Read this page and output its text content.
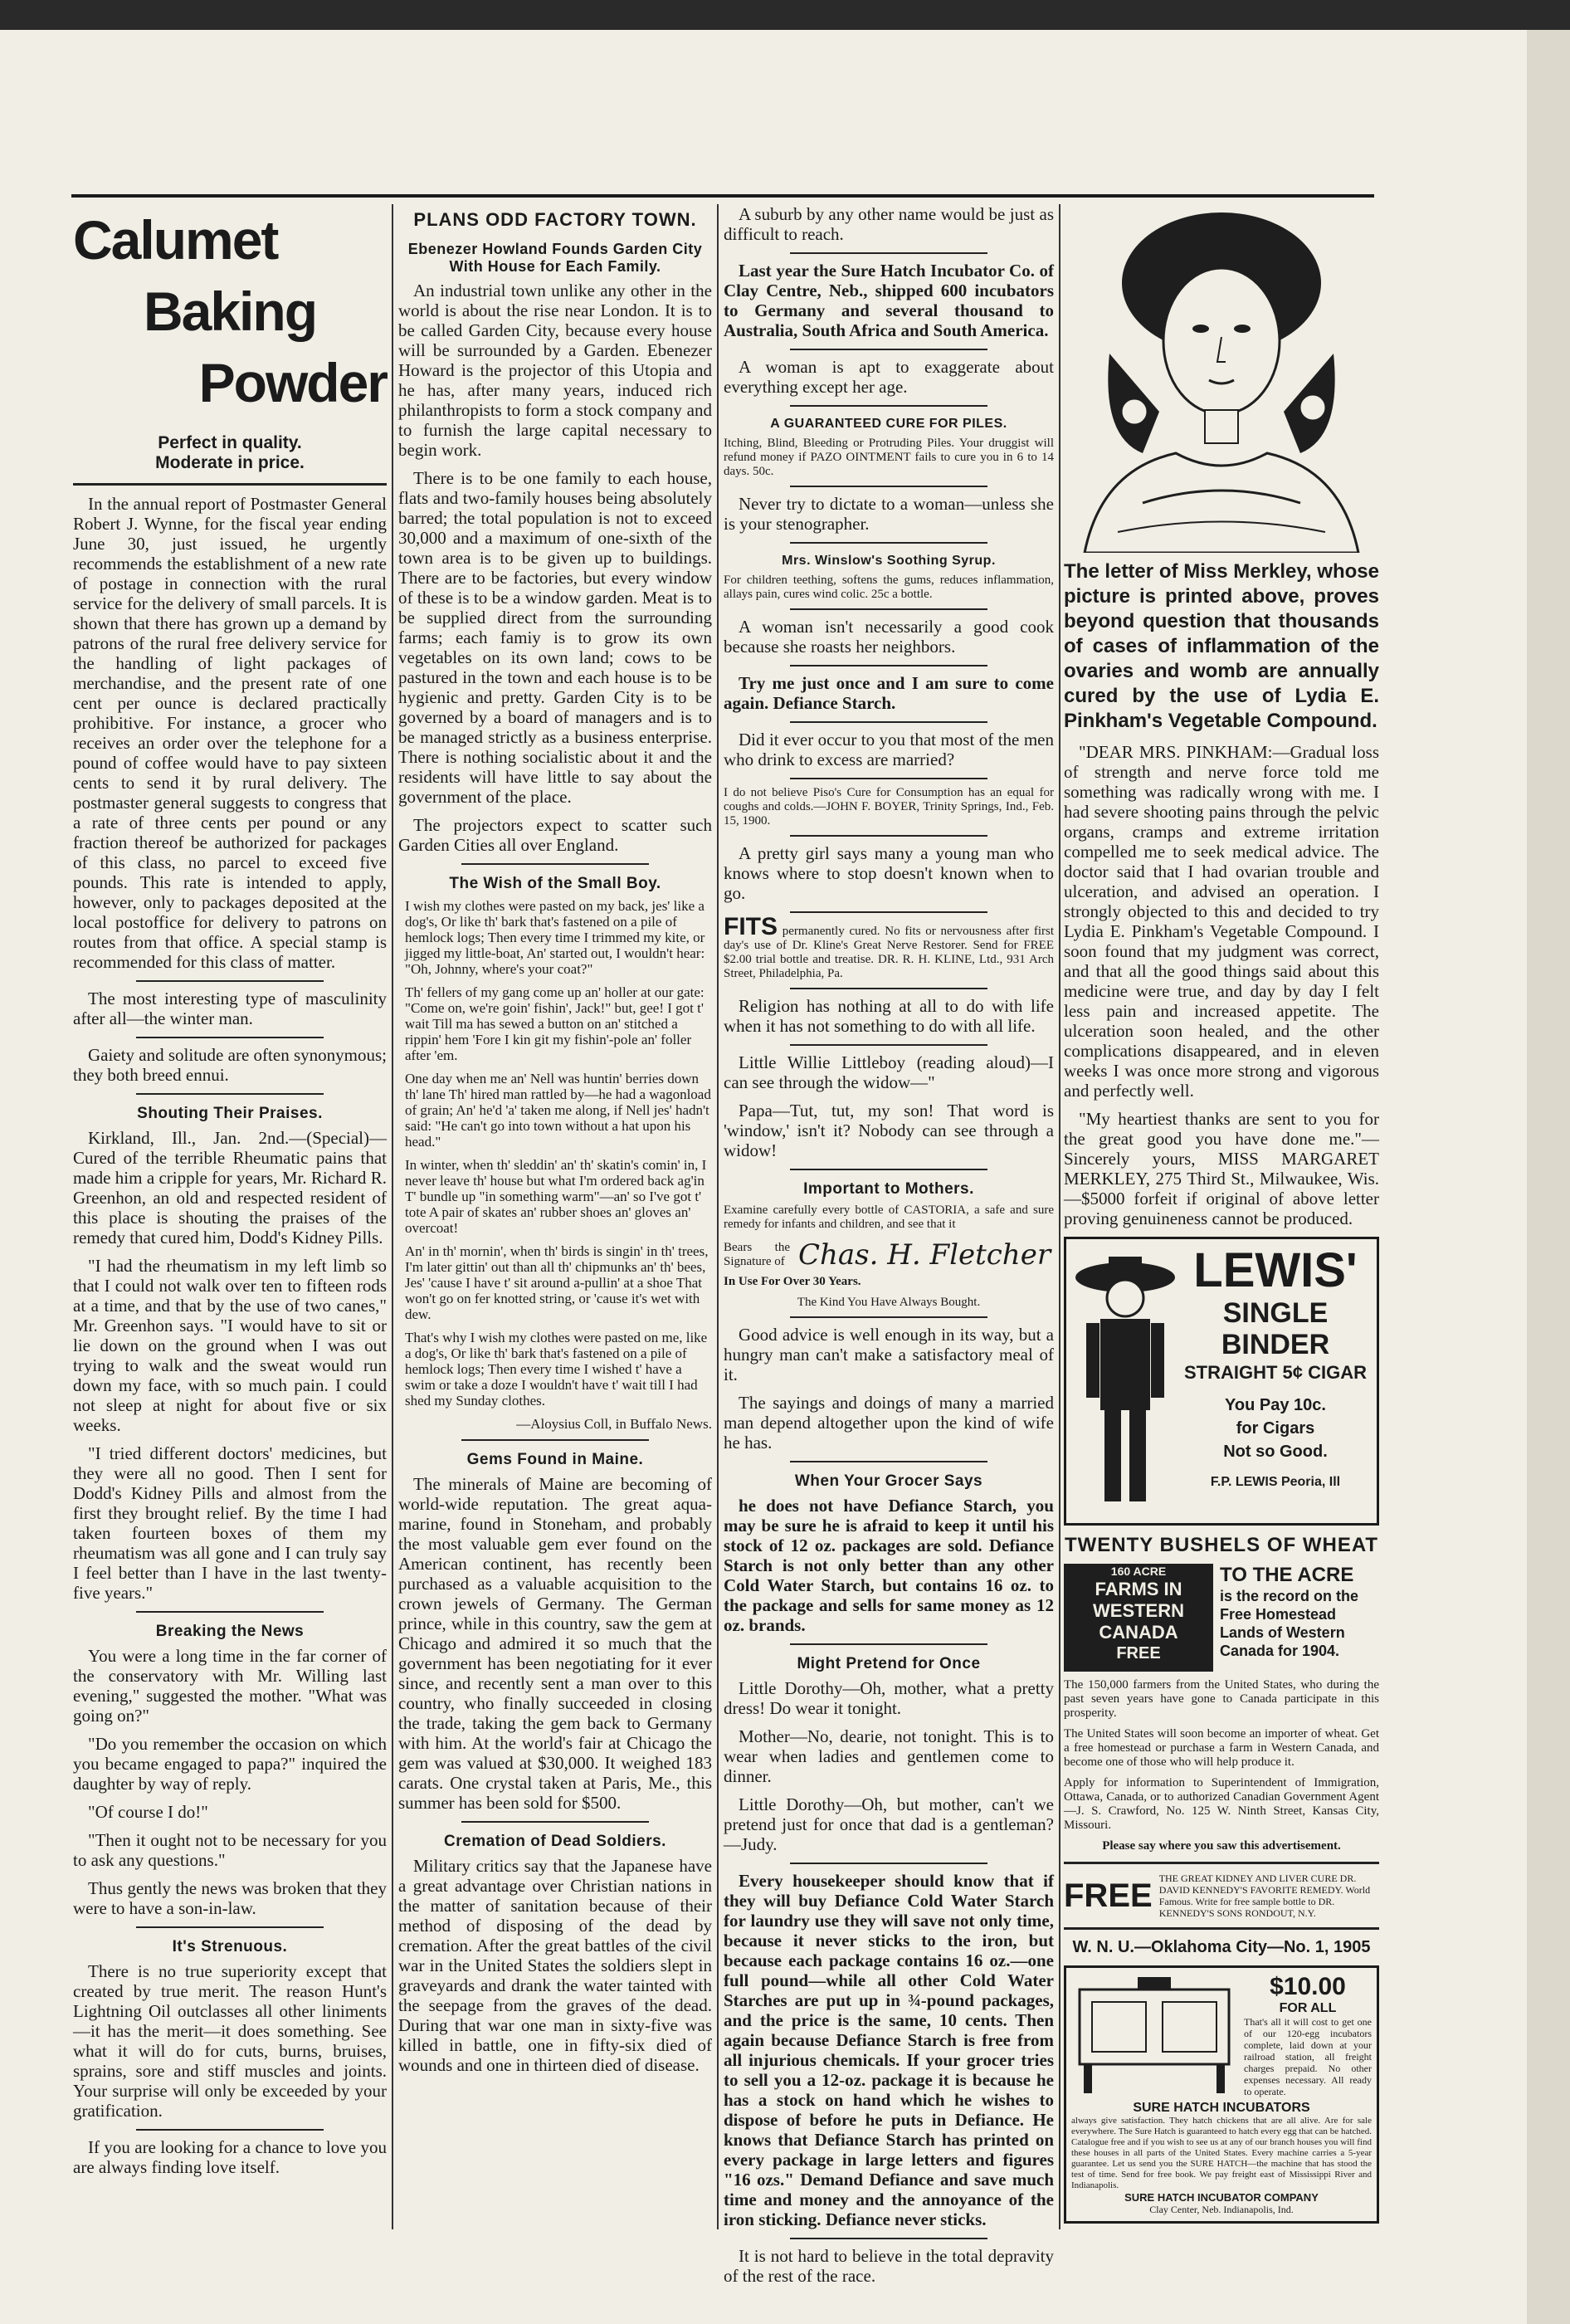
Calumet
Baking
Powder
Perfect in quality.
Moderate in price.

In the annual report of Postmaster General Robert J. Wynne, for the fiscal year ending June 30, just issued, he urgently recommends the establishment of a new rate of postage in connection with the rural service for the delivery of small parcels. It is shown that there has grown up a demand by patrons of the rural free delivery service for the handling of light packages of merchandise, and the present rate of one cent per ounce is declared practically prohibitive. For instance, a grocer who receives an order over the telephone for a pound of coffee would have to pay sixteen cents to send it by rural delivery. The postmaster general suggests to congress that a rate of three cents per pound or any fraction thereof be authorized for packages of this class, no parcel to exceed five pounds. This rate is intended to apply, however, only to packages deposited at the local postoffice for delivery to patrons on routes from that office. A special stamp is recommended for this class of matter.

The most interesting type of masculinity after all—the winter man.

Gaiety and solitude are often synonymous; they both breed ennui.

Shouting Their Praises.

Kirkland, Ill., Jan. 2nd.—(Special)—Cured of the terrible Rheumatic pains that made him a cripple for years, Mr. Richard R. Greenhon, an old and respected resident of this place is shouting the praises of the remedy that cured him, Dodd's Kidney Pills.

"I had the rheumatism in my left limb so that I could not walk over ten to fifteen rods at a time, and that by the use of two canes," Mr. Greenhon says. "I would have to sit or lie down on the ground when I was out trying to walk and the sweat would run down my face, with so much pain. I could not sleep at night for about five or six weeks.

"I tried different doctors' medicines, but they were all no good. Then I sent for Dodd's Kidney Pills and almost from the first they brought relief. By the time I had taken fourteen boxes of them my rheumatism was all gone and I can truly say I feel better than I have in the last twenty-five years."

Breaking the News

You were a long time in the far corner of the conservatory with Mr. Willing last evening," suggested the mother. "What was going on?"

"Do you remember the occasion on which you became engaged to papa?" inquired the daughter by way of reply.

"Of course I do!"

"Then it ought not to be necessary for you to ask any questions."

Thus gently the news was broken that they were to have a son-in-law.

It's Strenuous.

There is no true superiority except that created by true merit. The reason Hunt's Lightning Oil outclasses all other liniments—it has the merit—it does something. See what it will do for cuts, burns, bruises, sprains, sore and stiff muscles and joints. Your surprise will only be exceeded by your gratification.

If you are looking for a chance to love you are always finding love itself.

PLANS ODD FACTORY TOWN.
Ebenezer Howland Founds Garden City With House for Each Family.

An industrial town unlike any other in the world is about the rise near London. It is to be called Garden City, because every house will be surrounded by a Garden. Ebenezer Howard is the projector of this Utopia and he has, after many years, induced rich philanthropists to form a stock company and to furnish the large capital necessary to begin work.

There is to be one family to each house, flats and two-family houses being absolutely barred; the total population is not to exceed 30,000 and a maximum of one-sixth of the town area is to be given up to buildings. There are to be factories, but every window of these is to be a window garden. Meat is to be supplied direct from the surrounding farms; each famiy is to grow its own vegetables on its own land; cows to be pastured in the town and each house is to be hygienic and pretty. Garden City is to be governed by a board of managers and is to be managed strictly as a business enterprise. There is nothing socialistic about it and the residents will have little to say about the government of the place.

The projectors expect to scatter such Garden Cities all over England.

The Wish of the Small Boy.

I wish my clothes were pasted on my back, jes' like a dog's, Or like th' bark that's fastened on a pile of hemlock logs; Then every time I trimmed my kite, or jigged my little-boat, An' started out, I wouldn't hear: "Oh, Johnny, where's your coat?"

Th' fellers of my gang come up an' holler at our gate: "Come on, we're goin' fishin', Jack!" but, gee! I got t' wait Till ma has sewed a button on an' stitched a rippin' hem 'Fore I kin git my fishin'-pole an' foller after 'em.

One day when me an' Nell was huntin' berries down th' lane Th' hired man rattled by—he had a wagonload of grain; An' he'd 'a' taken me along, if Nell jes' hadn't said: "He can't go into town without a hat upon his head."

In winter, when th' sleddin' an' th' skatin's comin' in, I never leave th' house but what I'm ordered back ag'in T' bundle up "in something warm"—an' so I've got t' tote A pair of skates an' rubber shoes an' gloves an' overcoat!

An' in th' mornin', when th' birds is singin' in th' trees, I'm later gittin' out than all th' chipmunks an' th' bees, Jes' 'cause I have t' sit around a-pullin' at a shoe That won't go on fer knotted string, or 'cause it's wet with dew.

That's why I wish my clothes were pasted on me, like a dog's, Or like th' bark that's fastened on a pile of hemlock logs; Then every time I wished t' have a swim or take a doze I wouldn't have t' wait till I had shed my Sunday clothes.

—Aloysius Coll, in Buffalo News.

Gems Found in Maine.

The minerals of Maine are becoming of world-wide reputation. The great aqua-marine, found in Stoneham, and probably the most valuable gem ever found on the American continent, has recently been purchased as a valuable acquisition to the crown jewels of Germany. The German prince, while in this country, saw the gem at Chicago and admired it so much that the government has been negotiating for it ever since, and recently sent a man over to this country, who finally succeeded in closing the trade, taking the gem back to Germany with him. At the world's fair at Chicago the gem was valued at $30,000. It weighed 183 carats. One crystal taken at Paris, Me., this summer has been sold for $500.

Cremation of Dead Soldiers.

Military critics say that the Japanese have a great advantage over Christian nations in the matter of sanitation because of their method of disposing of the dead by cremation. After the great battles of the civil war in the United States the soldiers slept in graveyards and drank the water tainted with the seepage from the graves of the dead. During that war one man in sixty-five was killed in battle, one in fifty-six died of wounds and one in thirteen died of disease.

A suburb by any other name would be just as difficult to reach.

Last year the Sure Hatch Incubator Co. of Clay Centre, Neb., shipped 600 incubators to Germany and several thousand to Australia, South Africa and South America.

A woman is apt to exaggerate about everything except her age.

A GUARANTEED CURE FOR PILES.

Itching, Blind, Bleeding or Protruding Piles. Your druggist will refund money if PAZO OINTMENT fails to cure you in 6 to 14 days. 50c.

Never try to dictate to a woman—unless she is your stenographer.

Mrs. Winslow's Soothing Syrup.

For children teething, softens the gums, reduces inflammation, allays pain, cures wind colic. 25c a bottle.

A woman isn't necessarily a good cook because she roasts her neighbors.

Try me just once and I am sure to come again. Defiance Starch.

Did it ever occur to you that most of the men who drink to excess are married?

I do not believe Piso's Cure for Consumption has an equal for coughs and colds.—JOHN F. BOYER, Trinity Springs, Ind., Feb. 15, 1900.

A pretty girl says many a young man who knows where to stop doesn't known when to go.

FITS permanently cured. No fits or nervousness after first day's use of Dr. Kline's Great Nerve Restorer. Send for FREE $2.00 trial bottle and treatise. DR. R. H. KLINE, Ltd., 931 Arch Street, Philadelphia, Pa.

Religion has nothing at all to do with life when it has not something to do with all life.

Little Willie Littleboy (reading aloud)—I can see through the widow—"

Papa—Tut, tut, my son! That word is 'window,' isn't it? Nobody can see through a widow!

Important to Mothers.

Examine carefully every bottle of CASTORIA, a safe and sure remedy for infants and children, and see that it

Bears the Signature of Chas. H. Fletcher

In Use For Over 30 Years.

The Kind You Have Always Bought.

Good advice is well enough in its way, but a hungry man can't make a satisfactory meal of it.

The sayings and doings of many a married man depend altogether upon the kind of wife he has.

When Your Grocer Says

he does not have Defiance Starch, you may be sure he is afraid to keep it until his stock of 12 oz. packages are sold. Defiance Starch is not only better than any other Cold Water Starch, but contains 16 oz. to the package and sells for same money as 12 oz. brands.

Might Pretend for Once

Little Dorothy—Oh, mother, what a pretty dress! Do wear it tonight.

Mother—No, dearie, not tonight. This is to wear when ladies and gentlemen come to dinner.

Little Dorothy—Oh, but mother, can't we pretend just for once that dad is a gentleman?—Judy.

Every housekeeper should know that if they will buy Defiance Cold Water Starch for laundry use they will save not only time, because it never sticks to the iron, but because each package contains 16 oz.—one full pound—while all other Cold Water Starches are put up in ¾-pound packages, and the price is the same, 10 cents. Then again because Defiance Starch is free from all injurious chemicals. If your grocer tries to sell you a 12-oz. package it is because he has a stock on hand which he wishes to dispose of before he puts in Defiance. He knows that Defiance Starch has printed on every package in large letters and figures "16 ozs." Demand Defiance and save much time and money and the annoyance of the iron sticking. Defiance never sticks.

It is not hard to believe in the total depravity of the rest of the race.

The letter of Miss Merkley, whose picture is printed above, proves beyond question that thousands of cases of inflammation of the ovaries and womb are annually cured by the use of Lydia E. Pinkham's Vegetable Compound.

"DEAR MRS. PINKHAM:—Gradual loss of strength and nerve force told me something was radically wrong with me. I had severe shooting pains through the pelvic organs, cramps and extreme irritation compelled me to seek medical advice. The doctor said that I had ovarian trouble and ulceration, and advised an operation. I strongly objected to this and decided to try Lydia E. Pinkham's Vegetable Compound. I soon found that my judgment was correct, and that all the good things said about this medicine were true, and day by day I felt less pain and increased appetite. The ulceration soon healed, and the other complications disappeared, and in eleven weeks I was once more strong and vigorous and perfectly well.

"My heartiest thanks are sent to you for the great good you have done me."—Sincerely yours, MISS MARGARET MERKLEY, 275 Third St., Milwaukee, Wis.—$5000 forfeit if original of above letter proving genuineness cannot be produced.

LEWIS'
SINGLE
BINDER
STRAIGHT 5¢ CIGAR
You Pay 10c.
for Cigars
Not so Good.
F.P. LEWIS Peoria, Ill
TWENTY BUSHELS OF WHEAT
160 ACRE
FARMS IN
WESTERN
CANADA
FREE
TO THE ACRE
is the record on the Free Homestead Lands of Western Canada for 1904.

The 150,000 farmers from the United States, who during the past seven years have gone to Canada participate in this prosperity.

The United States will soon become an importer of wheat. Get a free homestead or purchase a farm in Western Canada, and become one of those who will help produce it.

Apply for information to Superintendent of Immigration, Ottawa, Canada, or to authorized Canadian Government Agent—J. S. Crawford, No. 125 W. Ninth Street, Kansas City, Missouri.

Please say where you saw this advertisement.

FREE THE GREAT KIDNEY AND LIVER CURE DR. DAVID KENNEDY'S FAVORITE REMEDY. World Famous. Write for free sample bottle to DR. KENNEDY'S SONS RONDOUT, N.Y.
W. N. U.—Oklahoma City—No. 1, 1905
$10.00
FOR ALL
That's all it will cost to get one of our 120-egg incubators complete, laid down at your railroad station, all freight charges prepaid. No other expenses necessary. All ready to operate.
SURE HATCH INCUBATORS
always give satisfaction. They hatch chickens that are all alive. Are for sale everywhere. The Sure Hatch is guaranteed to hatch every egg that can be hatched. Catalogue free and if you wish to see us at any of our branch houses you will find these houses in all parts of the United States. Every machine carries a 5-year guarantee. Let us send you the SURE HATCH—the machine that has stood the test of time. Send for free book. We pay freight east of Mississippi River and Indianapolis.
SURE HATCH INCUBATOR COMPANY
Clay Center, Neb. Indianapolis, Ind.
